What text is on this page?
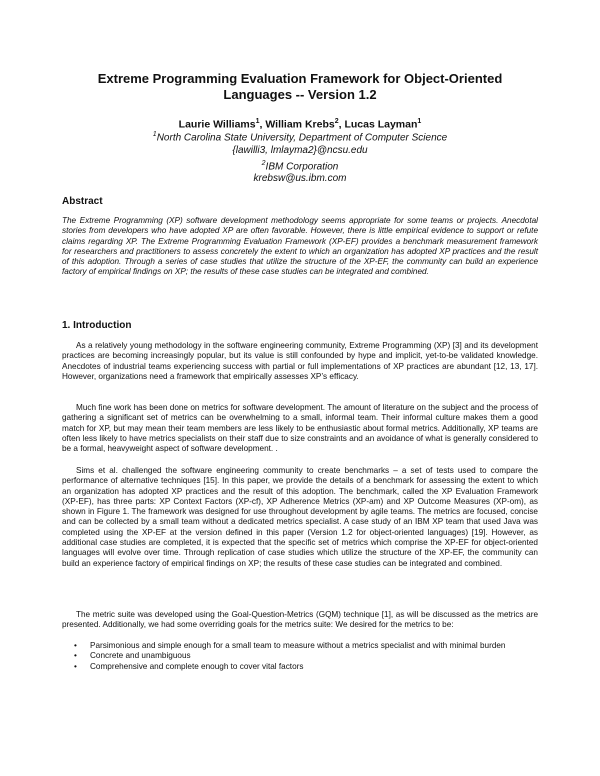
Extreme Programming Evaluation Framework for Object-Oriented
Languages -- Version 1.2
Laurie Williams$^1$, William Krebs$^2$, Lucas Layman$^1$
$^1$North Carolina State University, Department of Computer Science
{lawilli3, lmlayma2}@ncsu.edu
$^2$IBM Corporation
krebsw@us.ibm.com
Abstract
The Extreme Programming (XP) software development methodology seems appropriate for some teams or projects. Anecdotal stories from developers who have adopted XP are often favorable. However, there is little empirical evidence to support or refute claims regarding XP. The Extreme Programming Evaluation Framework (XP-EF) provides a benchmark measurement framework for researchers and practitioners to assess concretely the extent to which an organization has adopted XP practices and the result of this adoption. Through a series of case studies that utilize the structure of the XP-EF, the community can build an experience factory of empirical findings on XP; the results of these case studies can be integrated and combined.
1. Introduction
As a relatively young methodology in the software engineering community, Extreme Programming (XP) [3] and its development practices are becoming increasingly popular, but its value is still confounded by hype and implicit, yet-to-be validated knowledge. Anecdotes of industrial teams experiencing success with partial or full implementations of XP practices are abundant [12, 13, 17]. However, organizations need a framework that empirically assesses XP’s efficacy.
Much fine work has been done on metrics for software development. The amount of literature on the subject and the process of gathering a significant set of metrics can be overwhelming to a small, informal team. Their informal culture makes them a good match for XP, but may mean their team members are less likely to be enthusiastic about formal metrics. Additionally, XP teams are often less likely to have metrics specialists on their staff due to size constraints and an avoidance of what is generally considered to be a formal, heavyweight aspect of software development. .
Sims et al. challenged the software engineering community to create benchmarks – a set of tests used to compare the performance of alternative techniques [15]. In this paper, we provide the details of a benchmark for assessing the extent to which an organization has adopted XP practices and the result of this adoption. The benchmark, called the XP Evaluation Framework (XP-EF), has three parts: XP Context Factors (XP-cf), XP Adherence Metrics (XP-am) and XP Outcome Measures (XP-om), as shown in Figure 1. The framework was designed for use throughout development by agile teams. The metrics are focused, concise and can be collected by a small team without a dedicated metrics specialist. A case study of an IBM XP team that used Java was completed using the XP-EF at the version defined in this paper (Version 1.2 for object-oriented languages) [19]. However, as additional case studies are completed, it is expected that the specific set of metrics which comprise the XP-EF for object-oriented languages will evolve over time. Through replication of case studies which utilize the structure of the XP-EF, the community can build an experience factory of empirical findings on XP; the results of these case studies can be integrated and combined.
The metric suite was developed using the Goal-Question-Metrics (GQM) technique [1], as will be discussed as the metrics are presented. Additionally, we had some overriding goals for the metrics suite: We desired for the metrics to be:
• Parsimonious and simple enough for a small team to measure without a metrics specialist and with minimal burden
• Concrete and unambiguous
• Comprehensive and complete enough to cover vital factors
